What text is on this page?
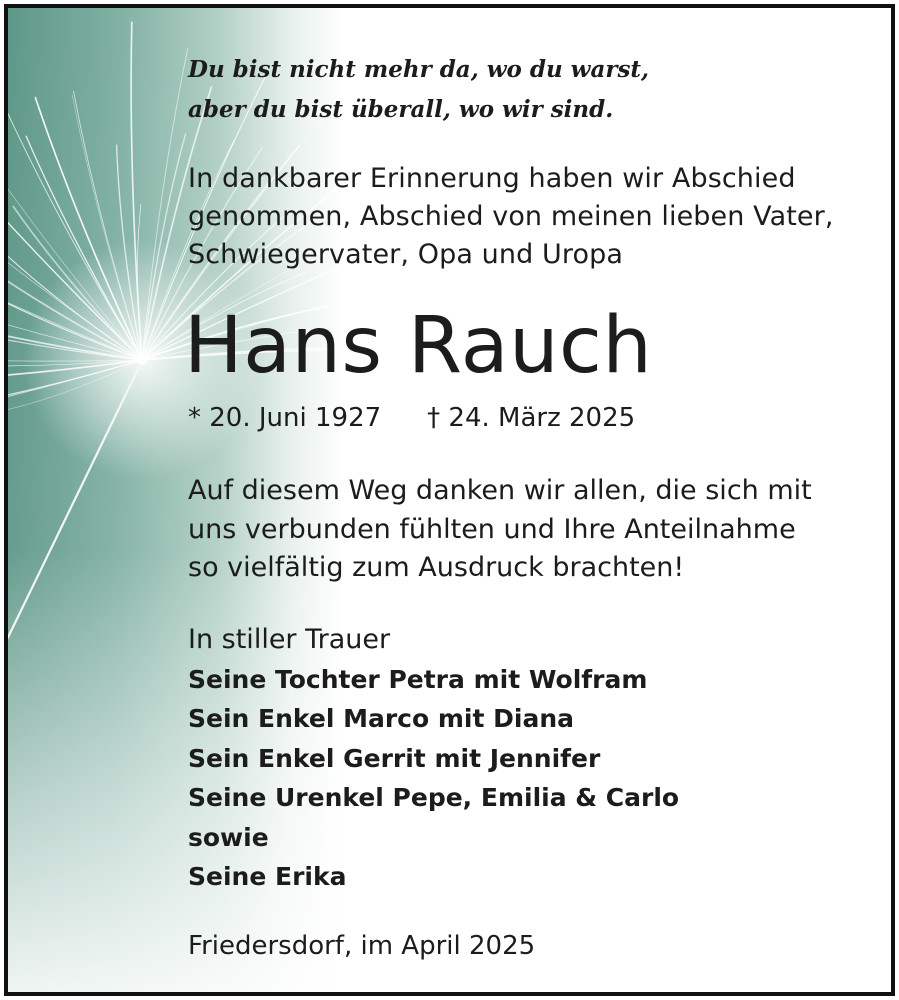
Du bist nicht mehr da, wo du warst,
aber du bist überall, wo wir sind.

In dankbarer Erinnerung haben wir Abschied
genommen, Abschied von meinen lieben Vater,
Schwiegervater, Opa und Uropa

Hans Rauch

* 20. Juni 1927 † 24. März 2025

Auf diesem Weg danken wir allen, die sich mit
uns verbunden fühlten und Ihre Anteilnahme
so vielfältig zum Ausdruck brachten!

In stiller Trauer
Seine Tochter Petra mit Wolfram
Sein Enkel Marco mit Diana
Sein Enkel Gerrit mit Jennifer
Seine Urenkel Pepe, Emilia & Carlo
sowie
Seine Erika

Friedersdorf, im April 2025
